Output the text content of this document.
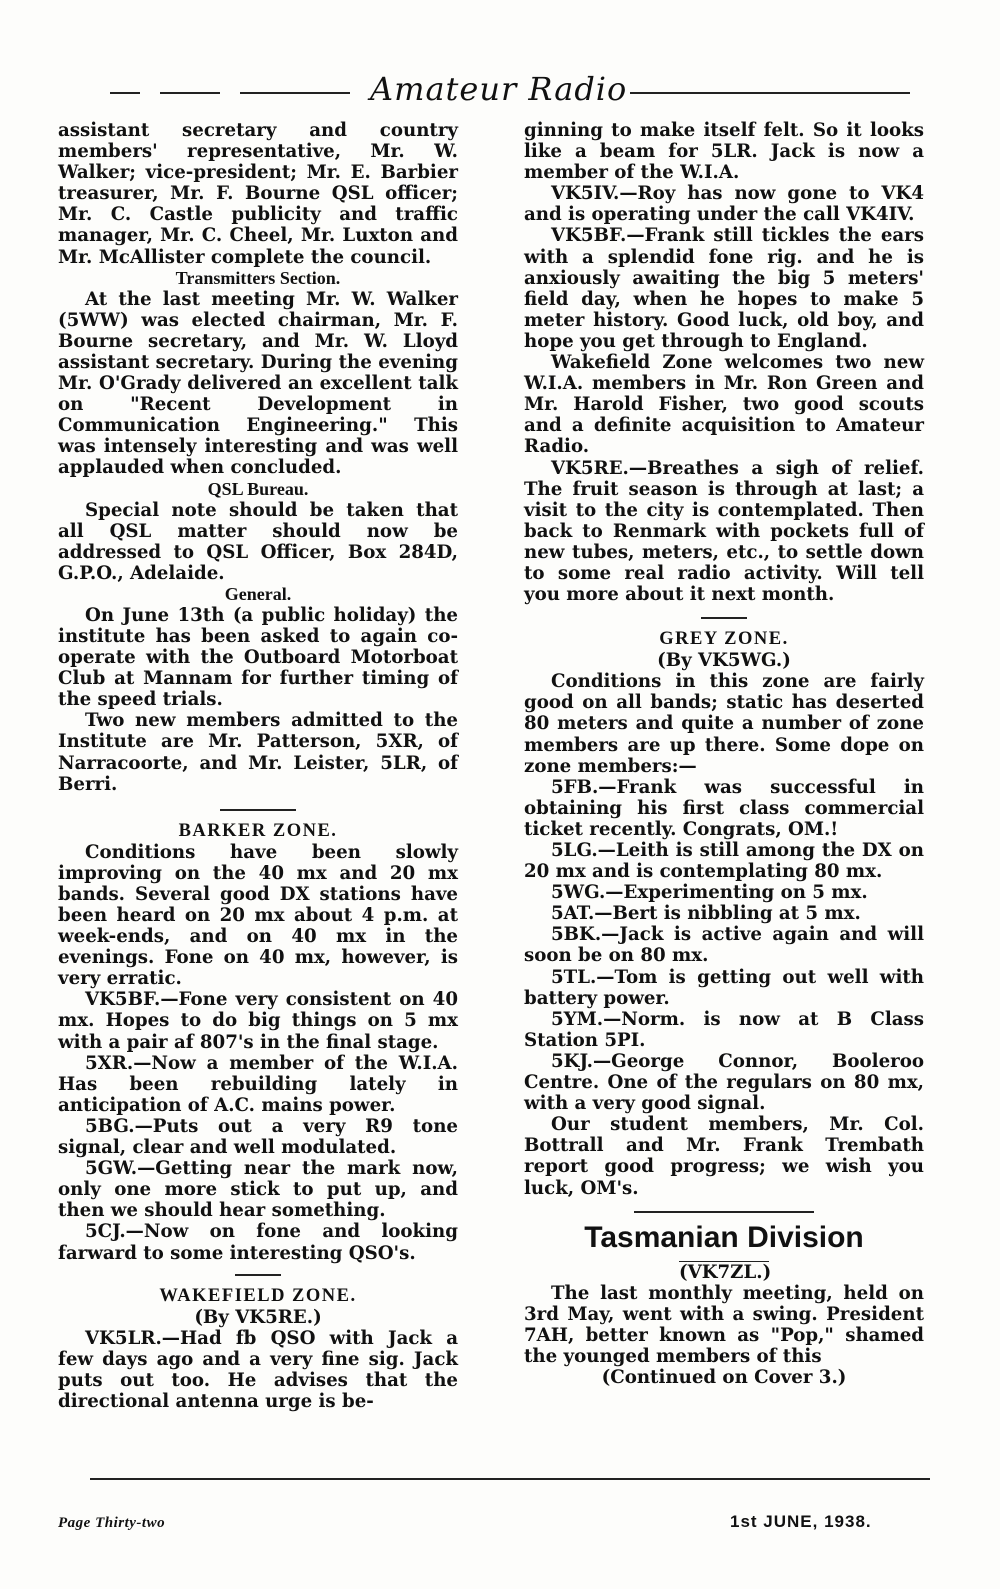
Amateur Radio

assistant secretary and country members' representative, Mr. W. Walker; vice-president; Mr. E. Barbier treasurer, Mr. F. Bourne QSL officer; Mr. C. Castle publicity and traffic manager, Mr. C. Cheel, Mr. Luxton and Mr. McAllister complete the council.

Transmitters Section.

At the last meeting Mr. W. Walker (5WW) was elected chairman, Mr. F. Bourne secretary, and Mr. W. Lloyd assistant secretary. During the evening Mr. O'Grady delivered an excellent talk on "Recent Development in Communication Engineering." This was intensely interesting and was well applauded when concluded.

QSL Bureau.

Special note should be taken that all QSL matter should now be addressed to QSL Officer, Box 284D, G.P.O., Adelaide.

General.

On June 13th (a public holiday) the institute has been asked to again co-operate with the Outboard Motorboat Club at Mannam for further timing of the speed trials.

Two new members admitted to the Institute are Mr. Patterson, 5XR, of Narracoorte, and Mr. Leister, 5LR, of Berri.

BARKER ZONE.

Conditions have been slowly improving on the 40 mx and 20 mx bands. Several good DX stations have been heard on 20 mx about 4 p.m. at week-ends, and on 40 mx in the evenings. Fone on 40 mx, however, is very erratic.

VK5BF.—Fone very consistent on 40 mx. Hopes to do big things on 5 mx with a pair af 807's in the final stage.

5XR.—Now a member of the W.I.A. Has been rebuilding lately in anticipation of A.C. mains power.

5BG.—Puts out a very R9 tone signal, clear and well modulated.

5GW.—Getting near the mark now, only one more stick to put up, and then we should hear something.

5CJ.—Now on fone and looking farward to some interesting QSO's.

WAKEFIELD ZONE.

(By VK5RE.)

VK5LR.—Had fb QSO with Jack a few days ago and a very fine sig. Jack puts out too. He advises that the directional antenna urge is be-

ginning to make itself felt. So it looks like a beam for 5LR. Jack is now a member of the W.I.A.

VK5IV.—Roy has now gone to VK4 and is operating under the call VK4IV.

VK5BF.—Frank still tickles the ears with a splendid fone rig. and he is anxiously awaiting the big 5 meters' field day, when he hopes to make 5 meter history. Good luck, old boy, and hope you get through to England.

Wakefield Zone welcomes two new W.I.A. members in Mr. Ron Green and Mr. Harold Fisher, two good scouts and a definite acquisition to Amateur Radio.

VK5RE.—Breathes a sigh of relief. The fruit season is through at last; a visit to the city is contemplated. Then back to Renmark with pockets full of new tubes, meters, etc., to settle down to some real radio activity. Will tell you more about it next month.

GREY ZONE.

(By VK5WG.)

Conditions in this zone are fairly good on all bands; static has deserted 80 meters and quite a number of zone members are up there. Some dope on zone members:—

5FB.—Frank was successful in obtaining his first class commercial ticket recently. Congrats, OM.!

5LG.—Leith is still among the DX on 20 mx and is contemplating 80 mx.

5WG.—Experimenting on 5 mx.

5AT.—Bert is nibbling at 5 mx.

5BK.—Jack is active again and will soon be on 80 mx.

5TL.—Tom is getting out well with battery power.

5YM.—Norm. is now at B Class Station 5PI.

5KJ.—George Connor, Booleroo Centre. One of the regulars on 80 mx, with a very good signal.

Our student members, Mr. Col. Bottrall and Mr. Frank Trembath report good progress; we wish you luck, OM's.

Tasmanian Division

(VK7ZL.)

The last monthly meeting, held on 3rd May, went with a swing. President 7AH, better known as "Pop," shamed the younged members of this

(Continued on Cover 3.)

Page Thirty-two	1st JUNE, 1938.
